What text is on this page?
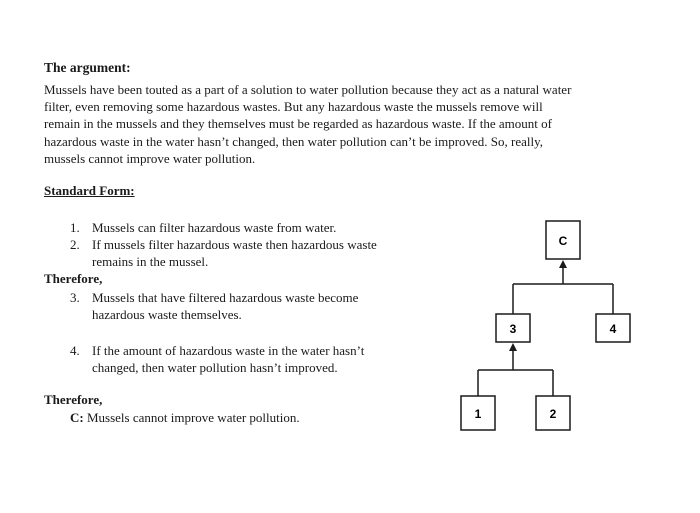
The argument:
Mussels have been touted as a part of a solution to water pollution because they act as a natural water filter, even removing some hazardous wastes. But any hazardous waste the mussels remove will remain in the mussels and they themselves must be regarded as hazardous waste. If the amount of hazardous waste in the water hasn’t changed, then water pollution can’t be improved. So, really, mussels cannot improve water pollution.
Standard Form:
1. Mussels can filter hazardous waste from water.
2. If mussels filter hazardous waste then hazardous waste
remains in the mussel.
Therefore,
3. Mussels that have filtered hazardous waste become
hazardous waste themselves.
4. If the amount of hazardous waste in the water hasn’t
changed, then water pollution hasn’t improved.
Therefore,
C: Mussels cannot improve water pollution.
C
3	4
1	2
